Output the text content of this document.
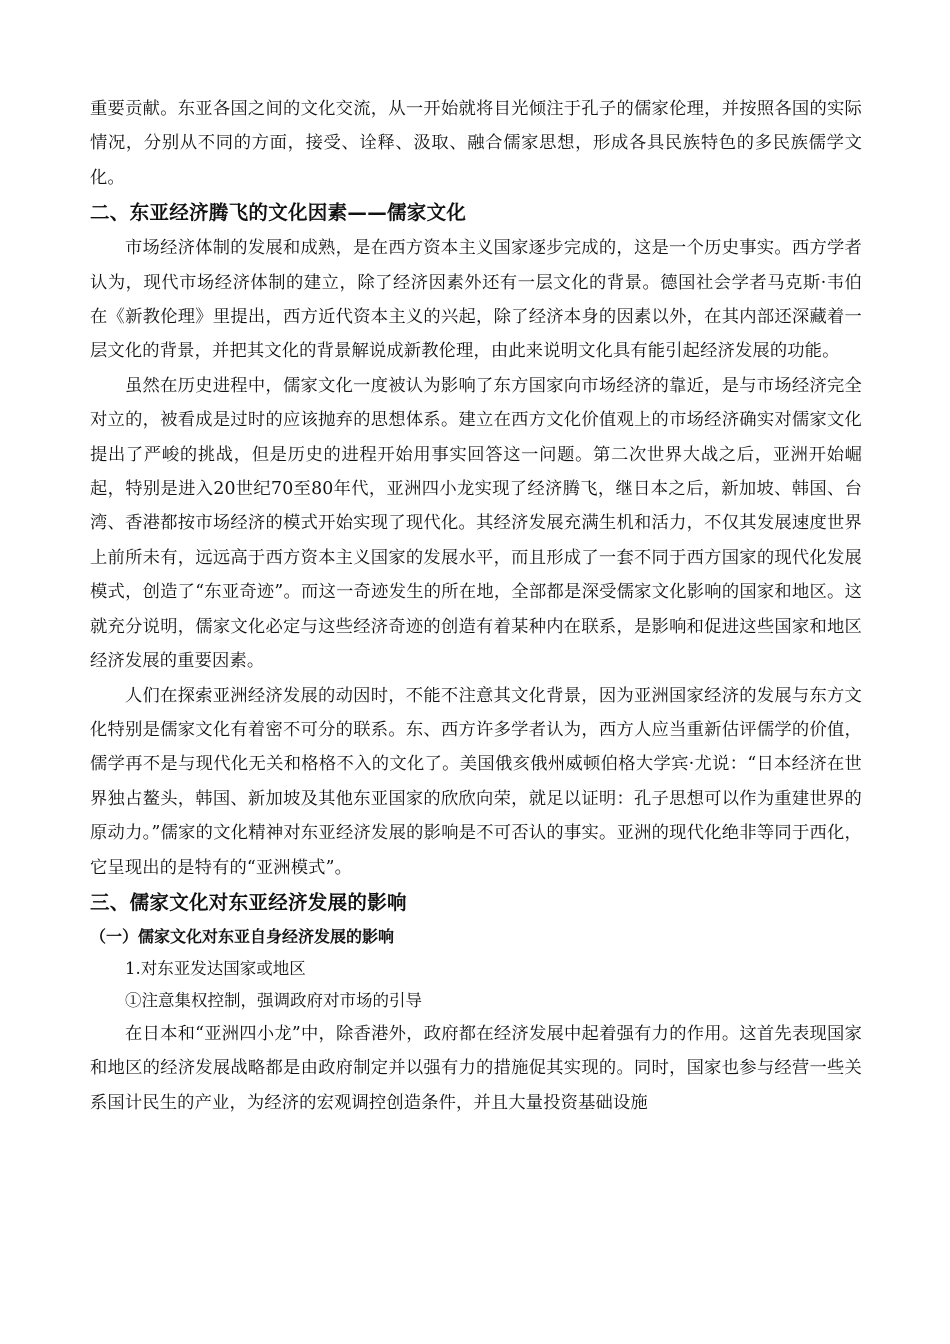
重要贡献。东亚各国之间的文化交流，从一开始就将目光倾注于孔子的儒家伦理，并按照各国的实际情况，分别从不同的方面，接受、诠释、汲取、融合儒家思想，形成各具民族特色的多民族儒学文化。

二、东亚经济腾飞的文化因素——儒家文化

市场经济体制的发展和成熟，是在西方资本主义国家逐步完成的，这是一个历史事实。西方学者认为，现代市场经济体制的建立，除了经济因素外还有一层文化的背景。德国社会学者马克斯·韦伯在《新教伦理》里提出，西方近代资本主义的兴起，除了经济本身的因素以外，在其内部还深藏着一层文化的背景，并把其文化的背景解说成新教伦理，由此来说明文化具有能引起经济发展的功能。

虽然在历史进程中，儒家文化一度被认为影响了东方国家向市场经济的靠近，是与市场经济完全对立的，被看成是过时的应该抛弃的思想体系。建立在西方文化价值观上的市场经济确实对儒家文化提出了严峻的挑战，但是历史的进程开始用事实回答这一问题。第二次世界大战之后，亚洲开始崛起，特别是进入20世纪70至80年代，亚洲四小龙实现了经济腾飞，继日本之后，新加坡、韩国、台湾、香港都按市场经济的模式开始实现了现代化。其经济发展充满生机和活力，不仅其发展速度世界上前所未有，远远高于西方资本主义国家的发展水平，而且形成了一套不同于西方国家的现代化发展模式，创造了“东亚奇迹”。而这一奇迹发生的所在地，全部都是深受儒家文化影响的国家和地区。这就充分说明，儒家文化必定与这些经济奇迹的创造有着某种内在联系，是影响和促进这些国家和地区经济发展的重要因素。

人们在探索亚洲经济发展的动因时，不能不注意其文化背景，因为亚洲国家经济的发展与东方文化特别是儒家文化有着密不可分的联系。东、西方许多学者认为，西方人应当重新估评儒学的价值，儒学再不是与现代化无关和格格不入的文化了。美国俄亥俄州威顿伯格大学宾·尤说：“日本经济在世界独占鳌头，韩国、新加坡及其他东亚国家的欣欣向荣，就足以证明：孔子思想可以作为重建世界的原动力。”儒家的文化精神对东亚经济发展的影响是不可否认的事实。亚洲的现代化绝非等同于西化，它呈现出的是特有的“亚洲模式”。

三、儒家文化对东亚经济发展的影响
（一）儒家文化对东亚自身经济发展的影响

1.对东亚发达国家或地区

①注意集权控制，强调政府对市场的引导

在日本和“亚洲四小龙”中，除香港外，政府都在经济发展中起着强有力的作用。这首先表现国家和地区的经济发展战略都是由政府制定并以强有力的措施促其实现的。同时，国家也参与经营一些关系国计民生的产业，为经济的宏观调控创造条件，并且大量投资基础设施
